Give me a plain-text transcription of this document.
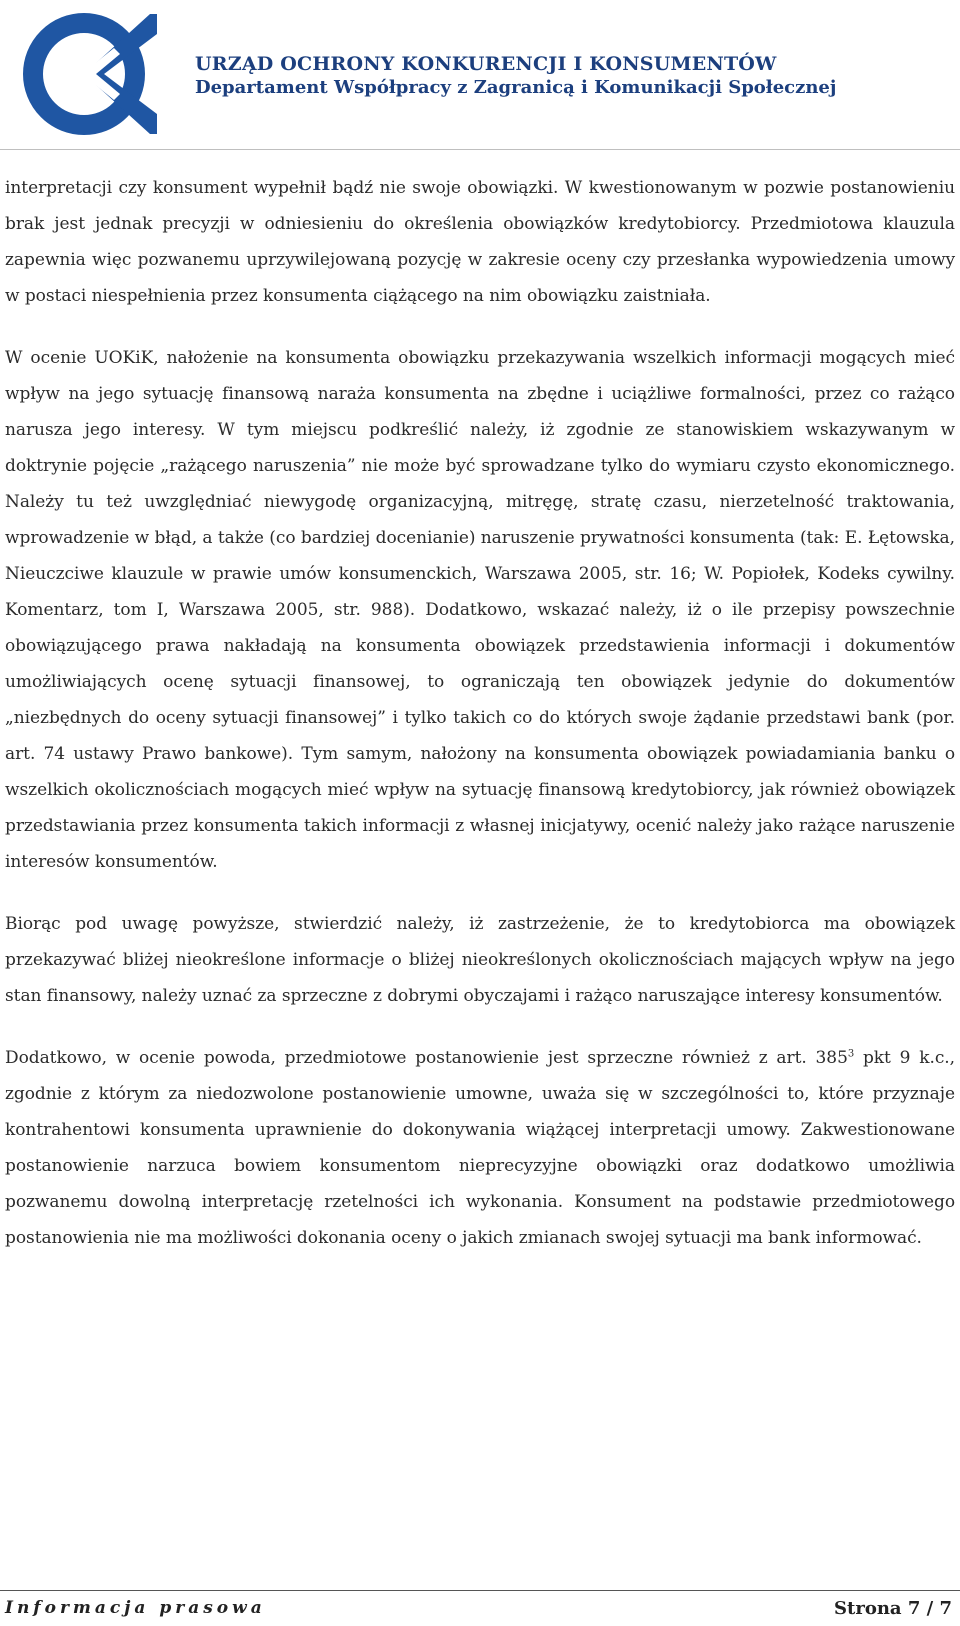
URZĄD OCHRONY KONKURENCJI I KONSUMENTÓW
Departament Współpracy z Zagranicą i Komunikacji Społecznej

interpretacji czy konsument wypełnił bądź nie swoje obowiązki. W kwestionowanym w pozwie postanowieniu brak jest jednak precyzji w odniesieniu do określenia obowiązków kredytobiorcy. Przedmiotowa klauzula zapewnia więc pozwanemu uprzywilejowaną pozycję w zakresie oceny czy przesłanka wypowiedzenia umowy w postaci niespełnienia przez konsumenta ciążącego na nim obowiązku zaistniała.

W ocenie UOKiK, nałożenie na konsumenta obowiązku przekazywania wszelkich informacji mogących mieć wpływ na jego sytuację finansową naraża konsumenta na zbędne i uciążliwe formalności, przez co rażąco narusza jego interesy. W tym miejscu podkreślić należy, iż zgodnie ze stanowiskiem wskazywanym w doktrynie pojęcie „rażącego naruszenia” nie może być sprowadzane tylko do wymiaru czysto ekonomicznego. Należy tu też uwzględniać niewygodę organizacyjną, mitręgę, stratę czasu, nierzetelność traktowania, wprowadzenie w błąd, a także (co bardziej docenianie) naruszenie prywatności konsumenta (tak: E. Łętowska, Nieuczciwe klauzule w prawie umów konsumenckich, Warszawa 2005, str. 16; W. Popiołek, Kodeks cywilny. Komentarz, tom I, Warszawa 2005, str. 988). Dodatkowo, wskazać należy, iż o ile przepisy powszechnie obowiązującego prawa nakładają na konsumenta obowiązek przedstawienia informacji i dokumentów umożliwiających ocenę sytuacji finansowej, to ograniczają ten obowiązek jedynie do dokumentów „niezbędnych do oceny sytuacji finansowej” i tylko takich co do których swoje żądanie przedstawi bank (por. art. 74 ustawy Prawo bankowe). Tym samym, nałożony na konsumenta obowiązek powiadamiania banku o wszelkich okolicznościach mogących mieć wpływ na sytuację finansową kredytobiorcy, jak również obowiązek przedstawiania przez konsumenta takich informacji z własnej inicjatywy, ocenić należy jako rażące naruszenie interesów konsumentów.

Biorąc pod uwagę powyższe, stwierdzić należy, iż zastrzeżenie, że to kredytobiorca ma obowiązek przekazywać bliżej nieokreślone informacje o bliżej nieokreślonych okolicznościach mających wpływ na jego stan finansowy, należy uznać za sprzeczne z dobrymi obyczajami i rażąco naruszające interesy konsumentów.

Dodatkowo, w ocenie powoda, przedmiotowe postanowienie jest sprzeczne również z art. $385^3$ pkt 9 k.c., zgodnie z którym za niedozwolone postanowienie umowne, uważa się w szczególności to, które przyznaje kontrahentowi konsumenta uprawnienie do dokonywania wiążącej interpretacji umowy. Zakwestionowane postanowienie narzuca bowiem konsumentom nieprecyzyjne obowiązki oraz dodatkowo umożliwia pozwanemu dowolną interpretację rzetelności ich wykonania. Konsument na podstawie przedmiotowego postanowienia nie ma możliwości dokonania oceny o jakich zmianach swojej sytuacji ma bank informować.

Informacja prasowa	Strona 7 / 7
